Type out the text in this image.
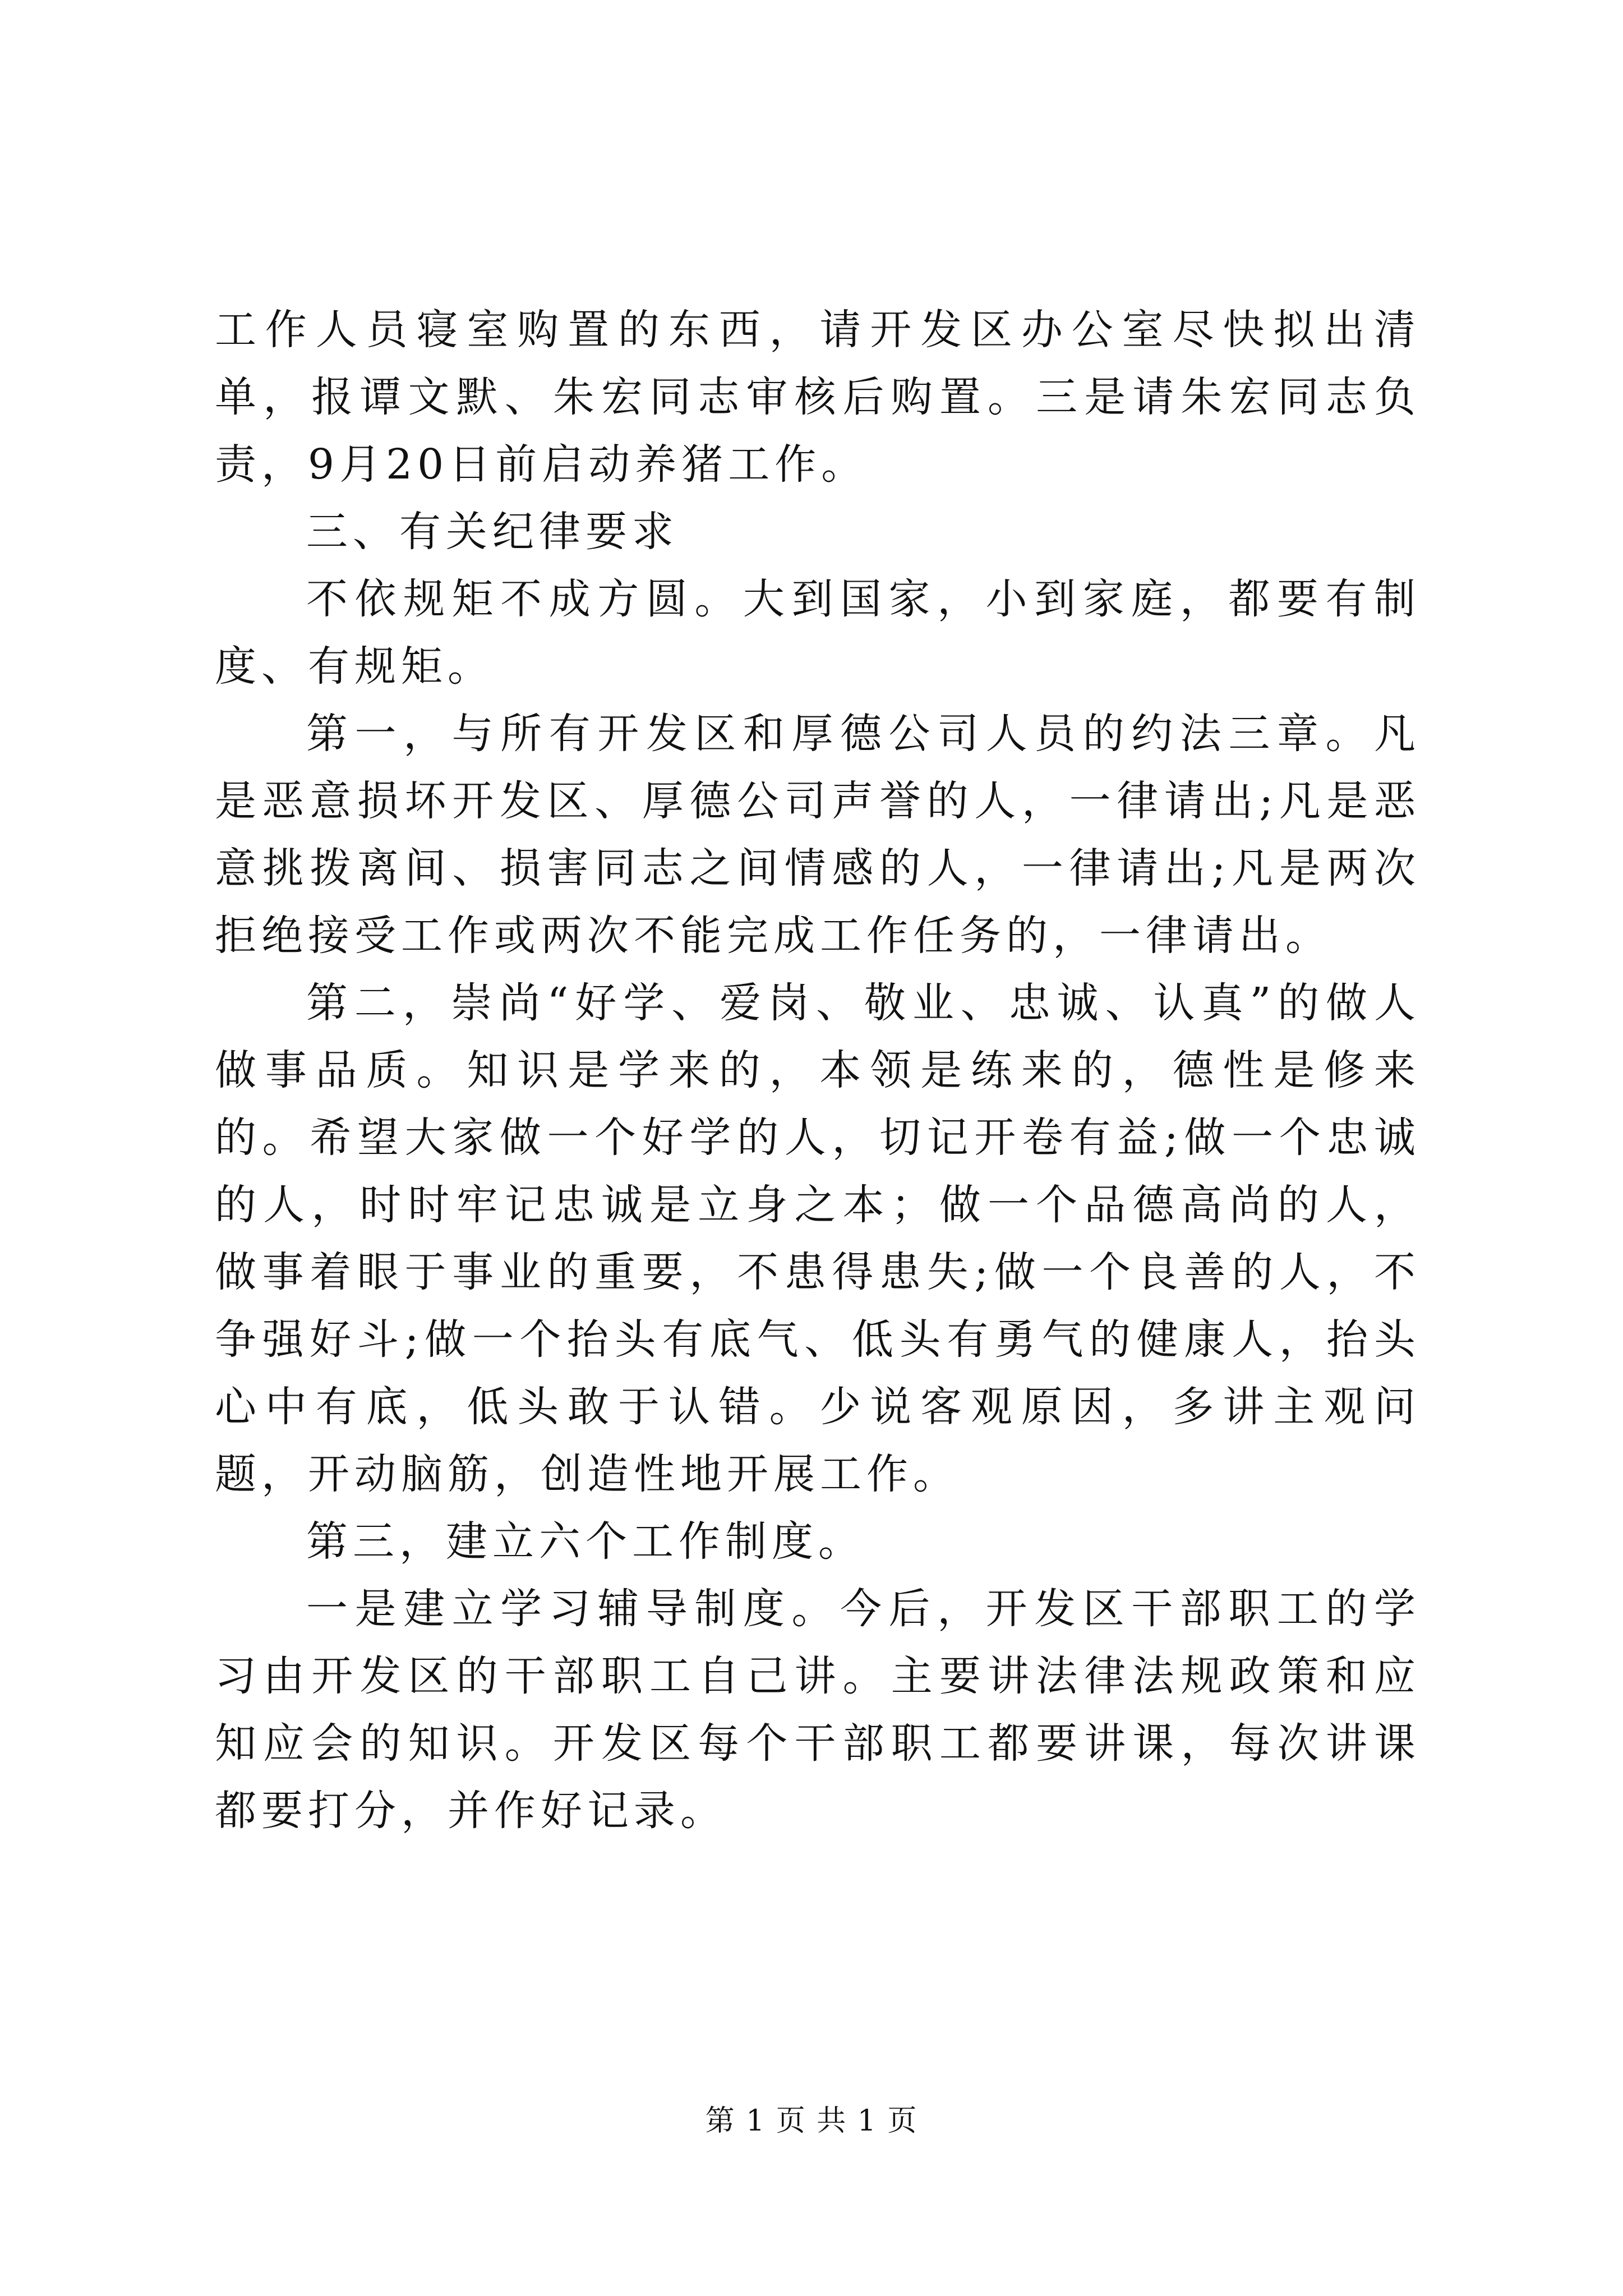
工作人员寝室购置的东西，请开发区办公室尽快拟出清单，报谭文默、朱宏同志审核后购置。三是请朱宏同志负责，9月20日前启动养猪工作。

三、有关纪律要求

不依规矩不成方圆。大到国家，小到家庭，都要有制度、有规矩。

第一，与所有开发区和厚德公司人员的约法三章。凡是恶意损坏开发区、厚德公司声誉的人，一律请出;凡是恶意挑拨离间、损害同志之间情感的人，一律请出;凡是两次拒绝接受工作或两次不能完成工作任务的，一律请出。

第二，崇尚“好学、爱岗、敬业、忠诚、认真”的做人做事品质。知识是学来的，本领是练来的，德性是修来的。希望大家做一个好学的人，切记开卷有益;做一个忠诚的人，时时牢记忠诚是立身之本；做一个品德高尚的人，做事着眼于事业的重要，不患得患失;做一个良善的人，不争强好斗;做一个抬头有底气、低头有勇气的健康人，抬头心中有底，低头敢于认错。少说客观原因，多讲主观问题，开动脑筋，创造性地开展工作。

第三，建立六个工作制度。

一是建立学习辅导制度。今后，开发区干部职工的学习由开发区的干部职工自己讲。主要讲法律法规政策和应知应会的知识。开发区每个干部职工都要讲课，每次讲课都要打分，并作好记录。

第 1 页 共 1 页
